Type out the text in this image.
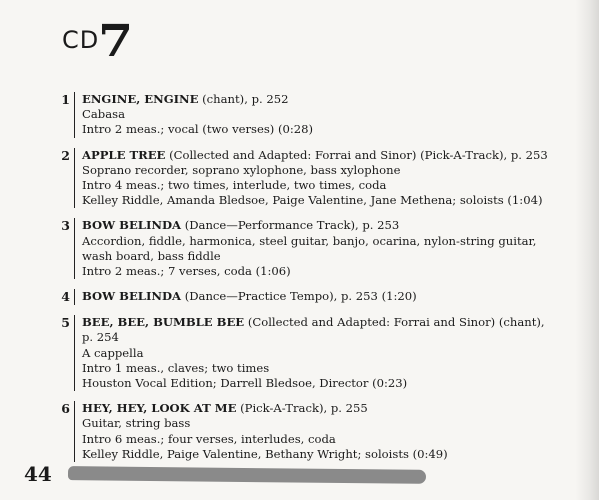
CD
7
1	ENGINE, ENGINE (chant), p. 252
Cabasa
Intro 2 meas.; vocal (two verses) (0:28)
2	APPLE TREE (Collected and Adapted: Forrai and Sinor) (Pick-A-Track), p. 253
Soprano recorder, soprano xylophone, bass xylophone
Intro 4 meas.; two times, interlude, two times, coda
Kelley Riddle, Amanda Bledsoe, Paige Valentine, Jane Methena; soloists (1:04)
3	BOW BELINDA (Dance—Performance Track), p. 253
Accordion, fiddle, harmonica, steel guitar, banjo, ocarina, nylon-string guitar,
wash board, bass fiddle
Intro 2 meas.; 7 verses, coda (1:06)
4	BOW BELINDA (Dance—Practice Tempo), p. 253 (1:20)
5	BEE, BEE, BUMBLE BEE (Collected and Adapted: Forrai and Sinor) (chant),
p. 254
A cappella
Intro 1 meas., claves; two times
Houston Vocal Edition; Darrell Bledsoe, Director (0:23)
6	HEY, HEY, LOOK AT ME (Pick-A-Track), p. 255
Guitar, string bass
Intro 6 meas.; four verses, interludes, coda
Kelley Riddle, Paige Valentine, Bethany Wright; soloists (0:49)
44
